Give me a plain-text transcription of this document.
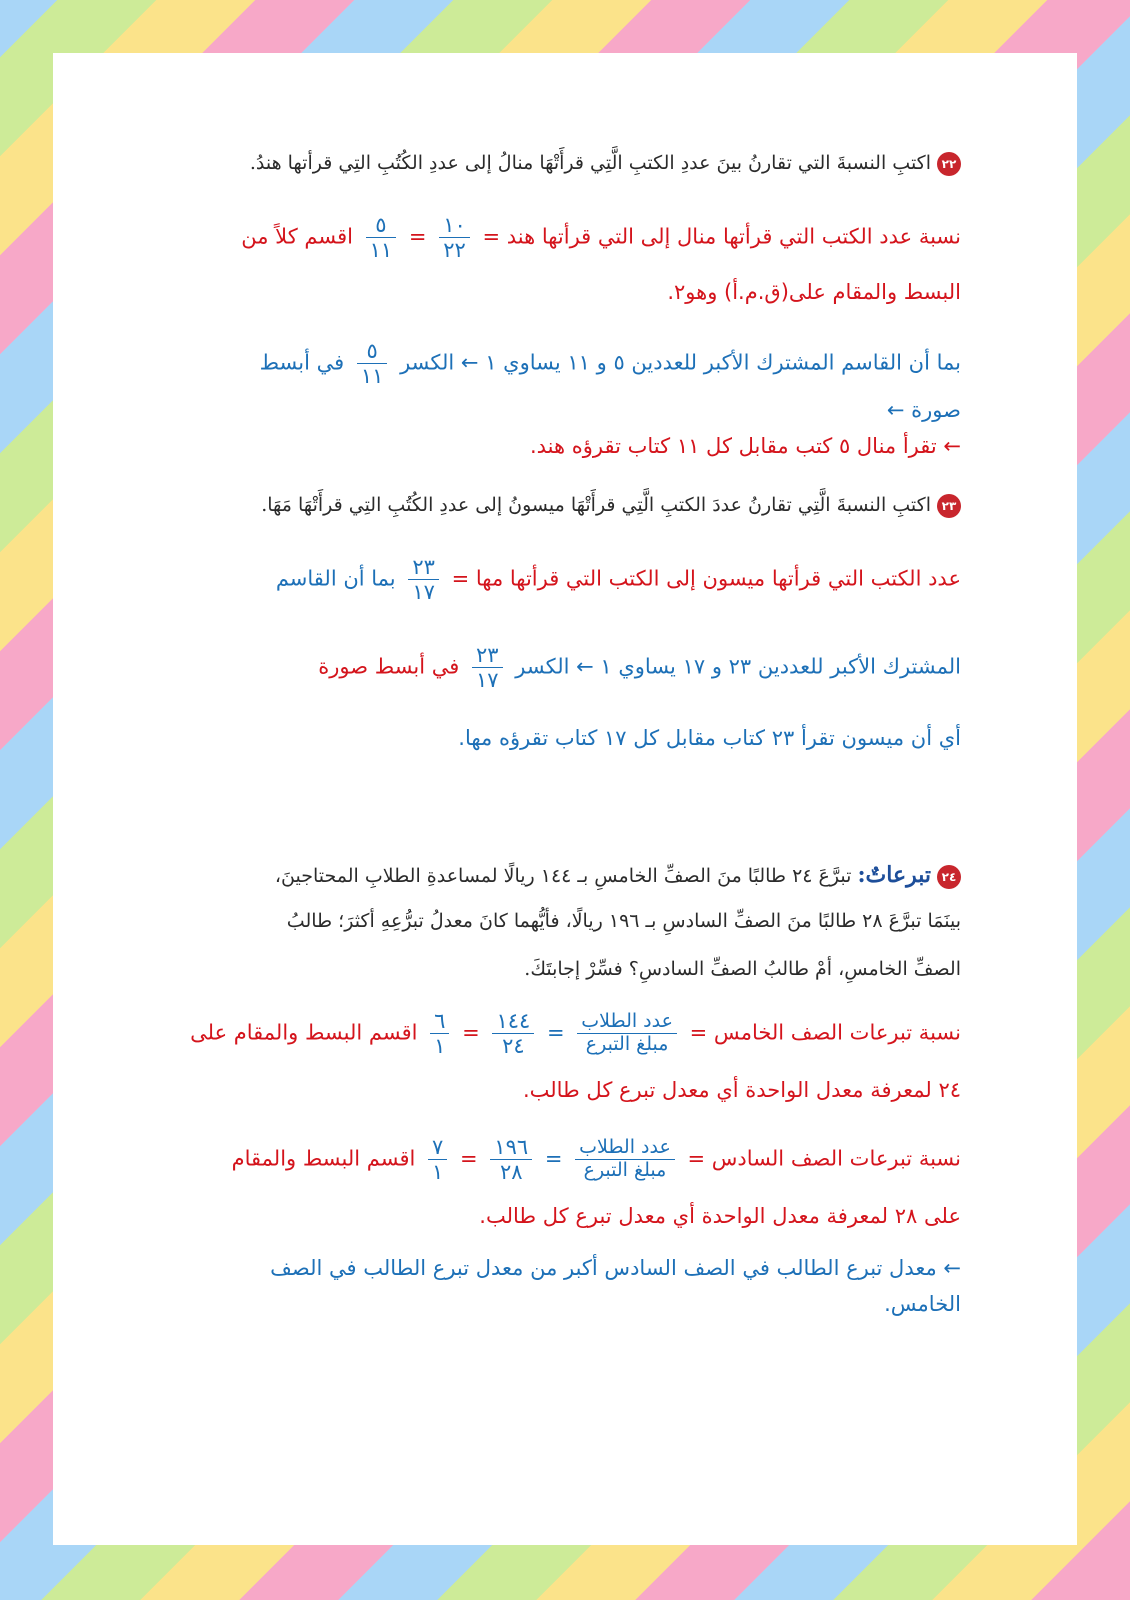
٢٢اكتبِ النسبةَ التي تقارنُ بينَ عددِ الكتبِ الَّتِي قرأَتْهَا منالُ إلى عددِ الكُتُبِ التِي قرأتها هندُ.
نسبة عدد الكتب التي قرأتها منال إلى التي قرأتها هند =
$\frac{١٠}{٢٢}$
=
$\frac{٥}{١١}$
اقسم كلاً من
البسط والمقام على(ق.م.أ) وهو٢.
بما أن القاسم المشترك الأكبر للعددين ٥ و ١١ يساوي ١ ← الكسر
$\frac{٥}{١١}$
في أبسط
صورة ←
← تقرأ منال ٥ كتب مقابل كل ١١ كتاب تقرؤه هند.
٢٣اكتبِ النسبةَ الَّتِي تقارنُ عددَ الكتبِ الَّتِي قرأَتْهَا ميسونُ إلى عددِ الكُتُبِ التِي قرأَتْهَا مَهَا.
عدد الكتب التي قرأتها ميسون إلى الكتب التي قرأتها مها =
$\frac{٢٣}{١٧}$
بما أن القاسم
المشترك الأكبر للعددين ٢٣ و ١٧ يساوي ١ ← الكسر
$\frac{٢٣}{١٧}$
في أبسط صورة
أي أن ميسون تقرأ ٢٣ كتاب مقابل كل ١٧ كتاب تقرؤه مها.
٢٤تبرعاتٌ: تبرَّعَ ٢٤ طالبًا منَ الصفِّ الخامسِ بـ ١٤٤ ريالًا لمساعدةِ الطلابِ المحتاجينَ،
بينَمَا تبرَّعَ ٢٨ طالبًا منَ الصفِّ السادسِ بـ ١٩٦ ريالًا، فأيُّهما كانَ معدلُ تبرُّعِهِ أكثرَ؛ طالبُ
الصفِّ الخامسِ، أمْ طالبُ الصفِّ السادسِ؟ فسِّرْ إجابتَكَ.
نسبة تبرعات الصف الخامس =
$\frac{\text{عدد الطلاب}}{\text{مبلغ التبرع}}$
=
$\frac{١٤٤}{٢٤}$
=
$\frac{٦}{١}$
اقسم البسط والمقام على
٢٤ لمعرفة معدل الواحدة أي معدل تبرع كل طالب.
نسبة تبرعات الصف السادس =
$\frac{\text{عدد الطلاب}}{\text{مبلغ التبرع}}$
=
$\frac{١٩٦}{٢٨}$
=
$\frac{٧}{١}$
اقسم البسط والمقام
على ٢٨ لمعرفة معدل الواحدة أي معدل تبرع كل طالب.
← معدل تبرع الطالب في الصف السادس أكبر من معدل تبرع الطالب في الصف
الخامس.
